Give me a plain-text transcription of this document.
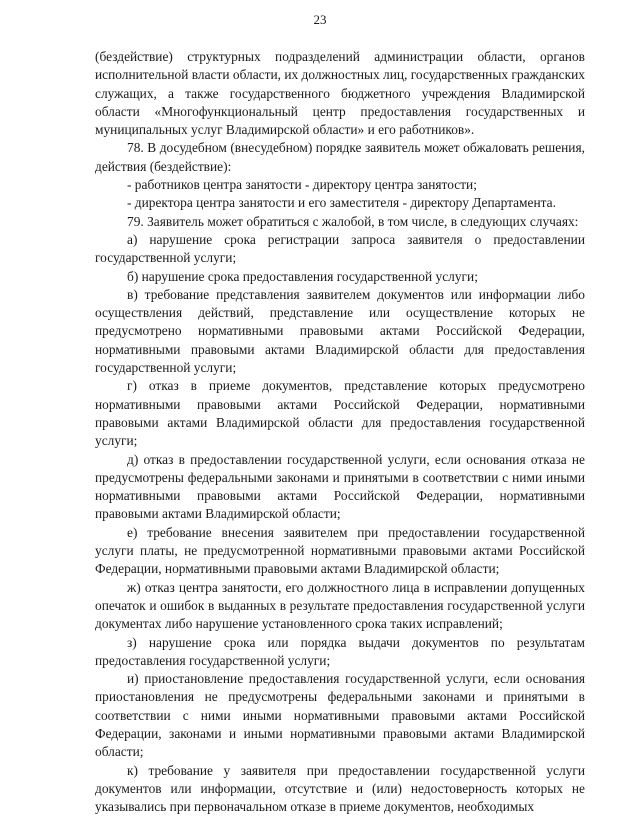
23

(бездействие) структурных подразделений администрации области, органов исполнительной власти области, их должностных лиц, государственных гражданских служащих, а также государственного бюджетного учреждения Владимирской области «Многофункциональный центр предоставления государственных и муниципальных услуг Владимирской области» и его работников».

78. В досудебном (внесудебном) порядке заявитель может обжаловать решения, действия (бездействие):

- работников центра занятости - директору центра занятости;

- директора центра занятости и его заместителя - директору Департамента.

79. Заявитель может обратиться с жалобой, в том числе, в следующих случаях:

а) нарушение срока регистрации запроса заявителя о предоставлении государственной услуги;

б) нарушение срока предоставления государственной услуги;

в) требование представления заявителем документов или информации либо осуществления действий, представление или осуществление которых не предусмотрено нормативными правовыми актами Российской Федерации, нормативными правовыми актами Владимирской области для предоставления государственной услуги;

г) отказ в приеме документов, представление которых предусмотрено нормативными правовыми актами Российской Федерации, нормативными правовыми актами Владимирской области для предоставления государственной услуги;

д) отказ в предоставлении государственной услуги, если основания отказа не предусмотрены федеральными законами и принятыми в соответствии с ними иными нормативными правовыми актами Российской Федерации, нормативными правовыми актами Владимирской области;

е) требование внесения заявителем при предоставлении государственной услуги платы, не предусмотренной нормативными правовыми актами Российской Федерации, нормативными правовыми актами Владимирской области;

ж) отказ центра занятости, его должностного лица в исправлении допущенных опечаток и ошибок в выданных в результате предоставления государственной услуги документах либо нарушение установленного срока таких исправлений;

з) нарушение срока или порядка выдачи документов по результатам предоставления государственной услуги;

и) приостановление предоставления государственной услуги, если основания приостановления не предусмотрены федеральными законами и принятыми в соответствии с ними иными нормативными правовыми актами Российской Федерации, законами и иными нормативными правовыми актами Владимирской области;

к) требование у заявителя при предоставлении государственной услуги документов или информации, отсутствие и (или) недостоверность которых не указывались при первоначальном отказе в приеме документов, необходимых
